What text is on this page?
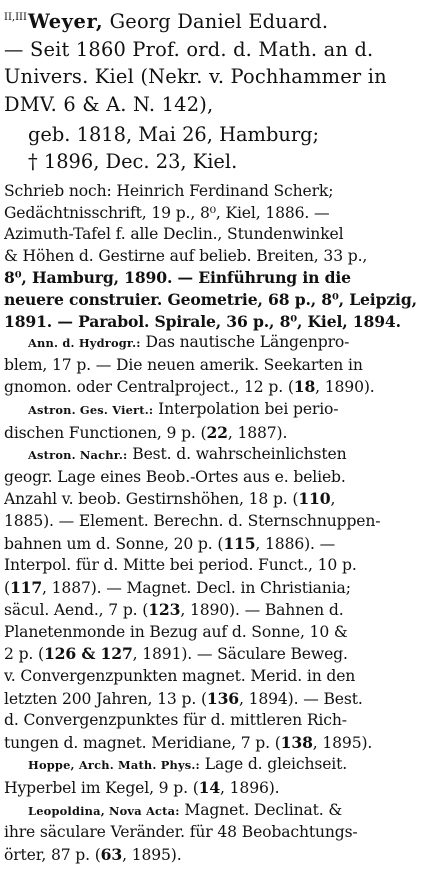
$^{II,III}$Weyer, Georg Daniel Eduard.
— Seit 1860 Prof. ord. d. Math. an d.
Univers. Kiel (Nekr. v. Pochhammer in
DMV. 6 & A. N. 142),
geb. 1818, Mai 26, Hamburg;
† 1896, Dec. 23, Kiel.
Schrieb noch: Heinrich Ferdinand Scherk;
Gedächtnisschrift, 19 p., 8⁰, Kiel, 1886. —
Azimuth-Tafel f. alle Declin., Stundenwinkel
& Höhen d. Gestirne auf belieb. Breiten, 33 p.,
8⁰, Hamburg, 1890. — Einführung in die
neuere construier. Geometrie, 68 p., 8⁰, Leipzig,
1891. — Parabol. Spirale, 36 p., 8⁰, Kiel, 1894.
Ann. d. Hydrogr.: Das nautische Längenpro-
blem, 17 p. — Die neuen amerik. Seekarten in
gnomon. oder Centralproject., 12 p. (18, 1890).
Astron. Ges. Viert.: Interpolation bei perio-
dischen Functionen, 9 p. (22, 1887).
Astron. Nachr.: Best. d. wahrscheinlichsten
geogr. Lage eines Beob.-Ortes aus e. belieb.
Anzahl v. beob. Gestirnshöhen, 18 p. (110,
1885). — Element. Berechn. d. Sternschnuppen-
bahnen um d. Sonne, 20 p. (115, 1886). —
Interpol. für d. Mitte bei period. Funct., 10 p.
(117, 1887). — Magnet. Decl. in Christiania;
säcul. Aend., 7 p. (123, 1890). — Bahnen d.
Planetenmonde in Bezug auf d. Sonne, 10 &
2 p. (126 & 127, 1891). — Säculare Beweg.
v. Convergenzpunkten magnet. Merid. in den
letzten 200 Jahren, 13 p. (136, 1894). — Best.
d. Convergenzpunktes für d. mittleren Rich-
tungen d. magnet. Meridiane, 7 p. (138, 1895).
Hoppe, Arch. Math. Phys.: Lage d. gleichseit.
Hyperbel im Kegel, 9 p. (14, 1896).
Leopoldina, Nova Acta: Magnet. Declinat. &
ihre säculare Veränder. für 48 Beobachtungs-
örter, 87 p. (63, 1895).
